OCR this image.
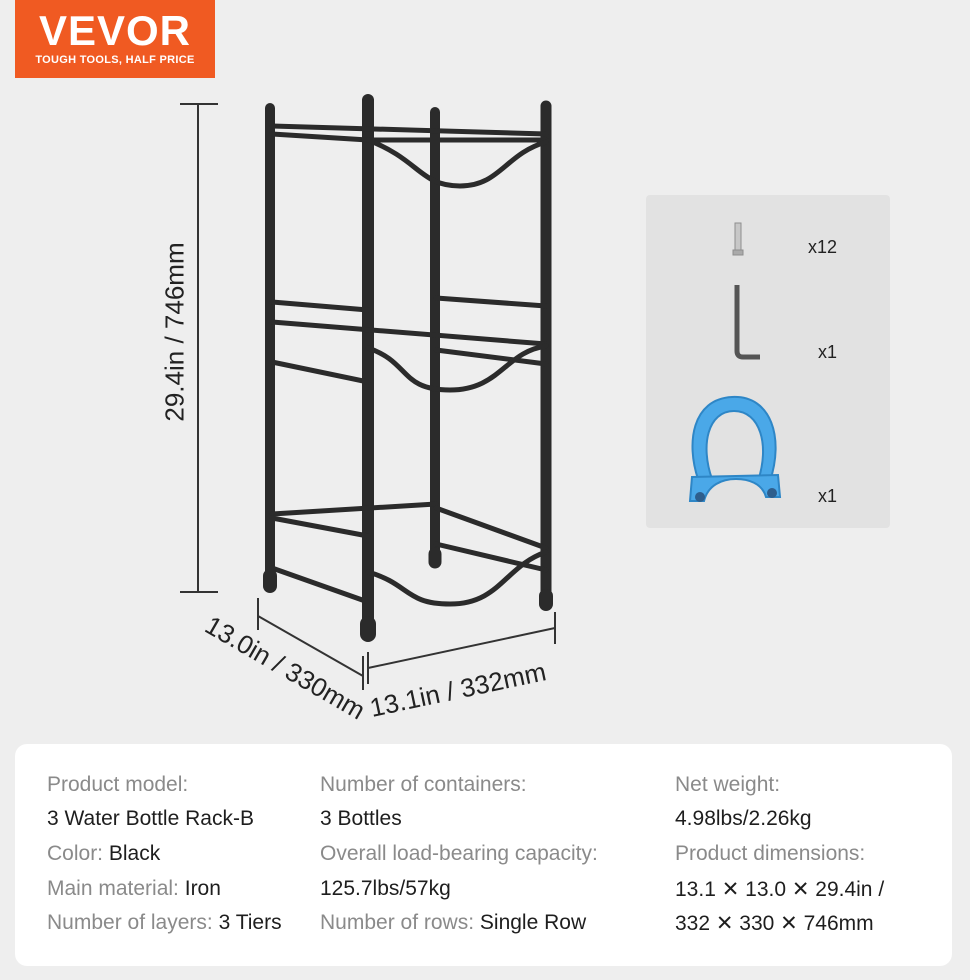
VEVOR
TOUGH TOOLS, HALF PRICE
29.4in / 746mm
13.0in / 330mm
13.1in / 332mm
x12
x1
x1
Product model:
3 Water Bottle Rack-B
Color: Black
Main material: Iron
Number of layers: 3 Tiers
Number of containers:
3 Bottles
Overall load-bearing capacity:
125.7lbs/57kg
Number of rows: Single Row
Net weight:
4.98lbs/2.26kg
Product dimensions:
13.1 ✕ 13.0 ✕ 29.4in /
332 ✕ 330 ✕ 746mm
